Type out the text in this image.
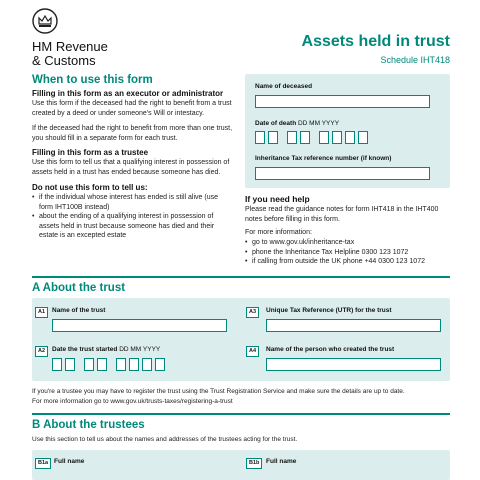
HM Revenue
& Customs
Assets held in trust
Schedule IHT418
When to use this form
Filling in this form as an executor or administrator
Use this form if the deceased had the right to benefit from a trust created by a deed or under someone's Will or intestacy.
If the deceased had the right to benefit from more than one trust, you should fill in a separate form for each trust.
Filling in this form as a trustee
Use this form to tell us that a qualifying interest in possession of assets held in a trust has ended because someone has died.
Do not use this form to tell us:
• if the individual whose interest has ended is still alive (use form IHT100B instead)
• about the ending of a qualifying interest in possession of assets held in trust because someone has died and their estate is an excepted estate
Name of deceased
Date of death DD MM YYYY
Inheritance Tax reference number (if known)
If you need help
Please read the guidance notes for form IHT418 in the IHT400 notes before filling in this form.
For more information:
• go to www.gov.uk/inheritance-tax
• phone the Inheritance Tax Helpline 0300 123 1072
• if calling from outside the UK phone +44 0300 123 1072
A About the trust
A1	Name of the trust	A3	Unique Tax Reference (UTR) for the trust
A2	Date the trust started DD MM YYYY	A4	Name of the person who created the trust
If you're a trustee you may have to register the trust using the Trust Registration Service and make sure the details are up to date. For more information go to www.gov.uk/trusts-taxes/registering-a-trust
B About the trustees
Use this section to tell us about the names and addresses of the trustees acting for the trust.
B1a Full name	B1b	Full name
